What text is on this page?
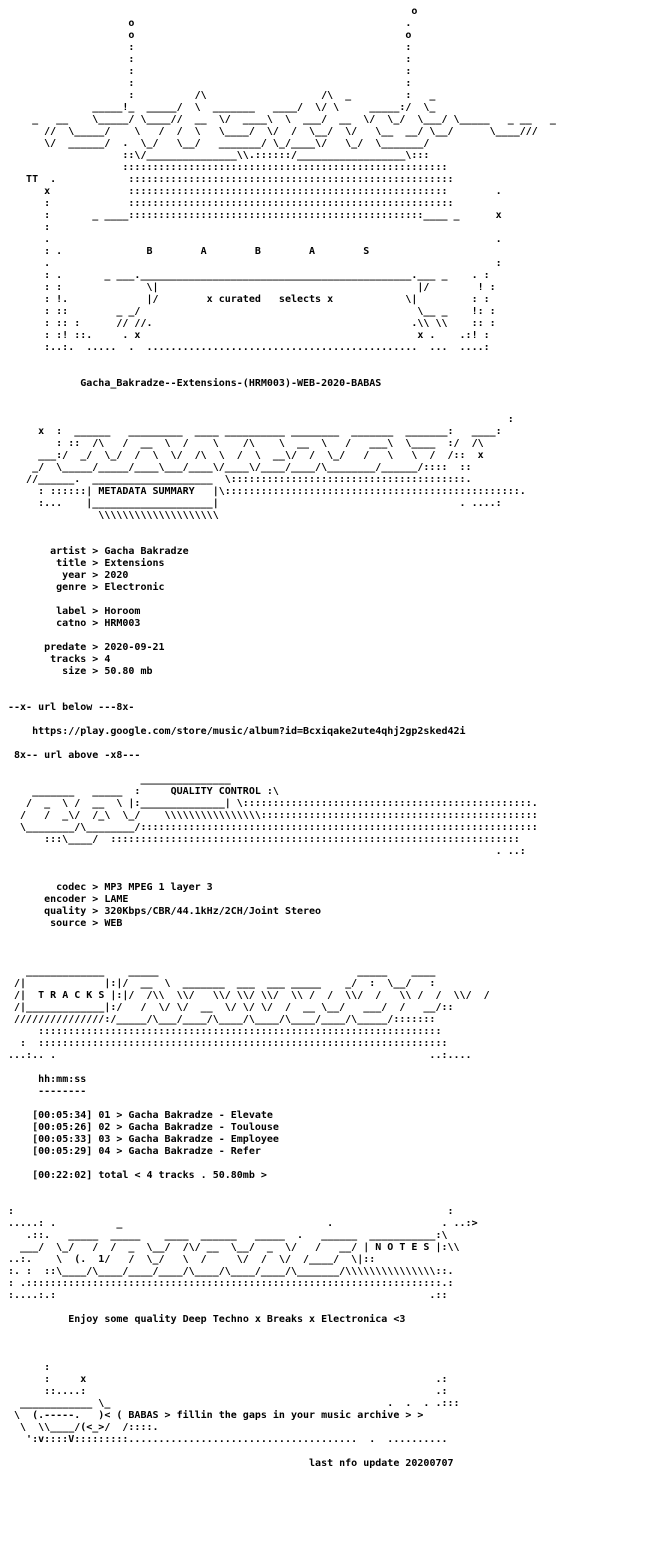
o
o                                             .
o                                             o
:                                             :
:                                             :
:                                             :
:                                             :
:          /\                   /\  _         :   _
_____!_  _____/  \  _______   ____/  \/ \     _____:/  \_
_   __    \_____/ \____//  __  \/  ____\  \  ___/  __  \/  \_/  \___/ \_____   _ __   _
//  \_____/    \   /  /  \   \____/  \/  /  \__/  \/   \__  __/ \__/      \____///
\/  ______/  .  \_/   \__/   _______/ \_/____\/   \_/  \_______/
::\/_______________\\.::::::/__________________\:::
::::::::::::::::::::::::::::::::::::::::::::::::::::::
TT  .            ::::::::::::::::::::::::::::::::::::::::::::::::::::::
x             :::::::::::::::::::::::::::::::::::::::::::::::::::::        .
:             ::::::::::::::::::::::::::::::::::::::::::::::::::::::
:       _ ____:::::::::::::::::::::::::::::::::::::::::::::::::____ _      x
:
.                                                                          .
: .              B        A        B        A        S
.                                                                          :
: .       _ ___._____________________________________________.___ _    . :
: :              \|                                           |/        ! :
: !.             |/        x curated   selects x            \|         : :
: ::        _ _/                                              \__ _    !: :
: :: :      // //.                                           .\\ \\    :: :
: :! ::.     . x                                              x .    .:! :
:..:.  .....  .  .............................................  ...  ....:

Gacha_Bakradze--Extensions-(HRM003)-WEB-2020-BABAS

:
x  :  ______   _________  ____ __________ ________  _______  _______:   ____:
: ::  /\   /  __  \  /    \    /\    \  __  \   /   ___\  \____  :/  /\
___:/  _/  \_/  /  \  \/  /\  \  /  \  __\/  /  \_/   /   \   \  /  /::  x
_/  \_____/_____/____\___/____\/____\/____/____/\________/______/::::  ::
//______.  ____________________  \:::::::::::::::::::::::::::::::::::::::.
: ::::::| METADATA SUMMARY |\:::::::::::::::::::::::::::::::::::::::::::::::::.
:...    |____________________|                                        . ....:
\\\\\\\\\\\\\\\\\\\\

artist > Gacha Bakradze
title > Extensions
year > 2020
genre > Electronic

label > Horoom
catno > HRM003

predate > 2020-09-21
tracks > 4
size > 50.80 mb

--x- url below ---8x-

https://play.google.com/store/music/album?id=Bcxiqake2ute4qhj2gp2sked42i

8x-- url above -x8---

_______________
_______   _____  :	QUALITY CONTROL :\
/  _  \ /  __  \ |:______________| \::::::::::::::::::::::::::::::::::::::::::::::::.
/   /  _\/  /_\  \_/    \\\\\\\\\\\\\\\\::::::::::::::::::::::::::::::::::::::::::::::
\________/\________/::::::::::::::::::::::::::::::::::::::::::::::::::::::::::::::::::
:::\____/  ::::::::::::::::::::::::::::::::::::::::::::::::::::::::::::::::::::
. ..:

codec > MP3 MPEG 1 layer 3
encoder > LAME
quality > 320Kbps/CBR/44.1kHz/2CH/Joint Stereo
source > WEB

_____________    _____                                 _____    ____
/|             |:|/  __  \  _______  ___  ___ _____    _/  :  \__/   :
/|  T R A C K S |:|/  /\\  \\/   \\/ \\/ \\/  \\ /  /  \\/  /   \\ /  /  \\/  /
/|_____________|:/   /  \/ \/  __  \/ \/ \/  /  __ \__/   ___/  /   __/::
///////////////:/_____/\___/____/\____/\____/\____/____/\_____/:::::::
:::::::::::::::::::::::::::::::::::::::::::::::::::::::::::::::::::
:  ::::::::::::::::::::::::::::::::::::::::::::::::::::::::::::::::::::
...:.. .                                                              ..:....

hh:mm:ss
--------

[00:05:34] 01 > Gacha Bakradze - Elevate
[00:05:26] 02 > Gacha Bakradze - Toulouse
[00:05:33] 03 > Gacha Bakradze - Employee
[00:05:29] 04 > Gacha Bakradze - Refer

[00:22:02] total < 4 tracks . 50.80mb >

:                                                                        :
.....: .          _                                  .                  . ..:>
.::.   _____  _____    ____  ______   _____  .   ______  ___________:\
___/  \_/   /  /  _  \__/  /\/ __  \__/  _  \/   /   __/ | N O T E S |:\\
..:.    \  (.  1/   /  \_/   \  /     \/  /  \/  /____/  \|::
:. :  ::\____/\____/____/____/\____/\____/____/\_______/\\\\\\\\\\\\\\\::.
: .:::::::::::::::::::::::::::::::::::::::::::::::::::::::::::::::::::::.:
:....:.:                                                              .::

Enjoy some quality Deep Techno x Breaks x Electronica <3

:
:     x                                                          .:
::....:                                                          .:
____________ \_                                              .  .  . .:::
\  (.-----.   )< ( BABAS > fillin the gaps in your music archive > >
\  \\____/(<_>/  /::::.
':v::::V:::::::::......................................  .  ..........

last nfo update 20200707
